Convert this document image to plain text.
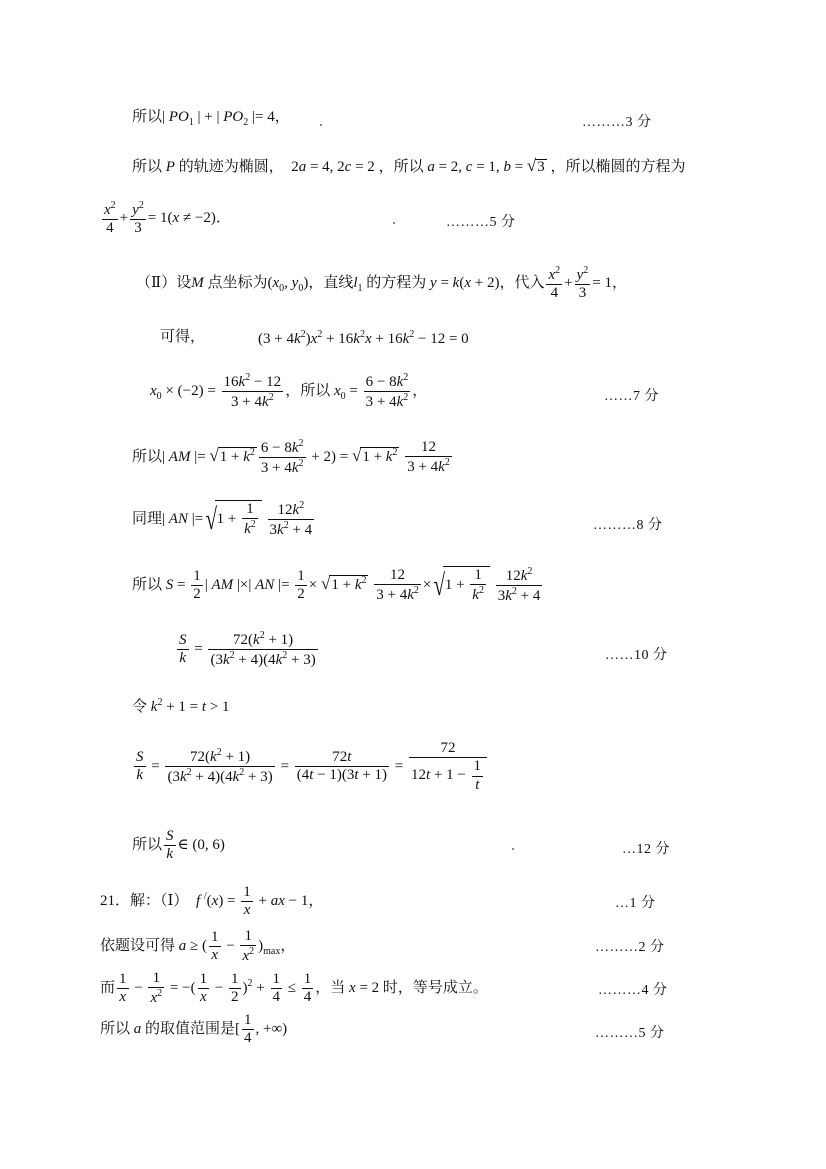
所以| $PO_1$ | + | $PO_2$ |= 4，	………3 分
所以 P 的轨迹为椭圆，  2a = 4, 2c = 2 ，所以 a = 2, c = 1, b = √3 ，所以椭圆的方程为
$\frac{x^2}{4} + \frac{y^2}{3} = 1(x \ne -2)$．	………5 分
（Ⅱ）设M 点坐标为($x_0$, $y_0$)，直线$l_1$ 的方程为 y = k(x + 2)，代入 $\frac{x^2}{4} + \frac{y^2}{3} = 1$，
可得，	$(3 + 4k^2)x^2 + 16k^2x + 16k^2 - 12 = 0$
$x_0 \times (-2) = \frac{16k^2 - 12}{3 + 4k^2}$ ，所以 $x_0 = \frac{6 - 8k^2}{3 + 4k^2}$ ，	……7 分
所以| AM |= $√1 + k^2 \frac{6 - 8k^2}{3 + 4k^2} + 2) = √1 + k^2 \frac{12}{3 + 4k^2}$
同理| AN $|=√1 + \frac{1}{k^2}$
$\frac{12k^2}{3k^2 + 4}$	………8 分
所以 $S = \frac{1}{2}$ | AM |×| AN |= $\frac{1}{2} \times √1 + k^2 \frac{12}{3 + 4k^2} \times√1 + \frac{1}{k^2}$
$\frac{12k^2}{3k^2 + 4}$
$\frac{S}{k} = \frac{72(k^2 + 1)}{(3k^2 + 4)(4k^2 + 3)}$	……10 分
令 $k^2 + 1 = t > 1$
$\frac{S}{k} = \frac{72(k^2 + 1)}{(3k^2 + 4)(4k^2 + 3)} = \frac{72t}{(4t - 1)(3t + 1)} = \frac{72}{12t + 1 - \frac{1}{t}}$
所以 $\frac{S}{k}$ ∈ (0, 6)	…12 分
21．解：（Ⅰ） f $^/(x) = \frac{1}{x}$ + ax − 1，	…1 分
依题设可得 a ≥ ( $\frac{1}{x} - \frac{1}{x^2} )_{max}$，	………2 分
而 $\frac{1}{x} - \frac{1}{x^2}$ = −( $\frac{1}{x} - \frac{1}{2} )^2 + \frac{1}{4} \le \frac{1}{4}$ ，当 x = 2 时，等号成立。	………4 分
所以 a 的取值范围是[ $\frac{1}{4}$ , +∞)	………5 分
